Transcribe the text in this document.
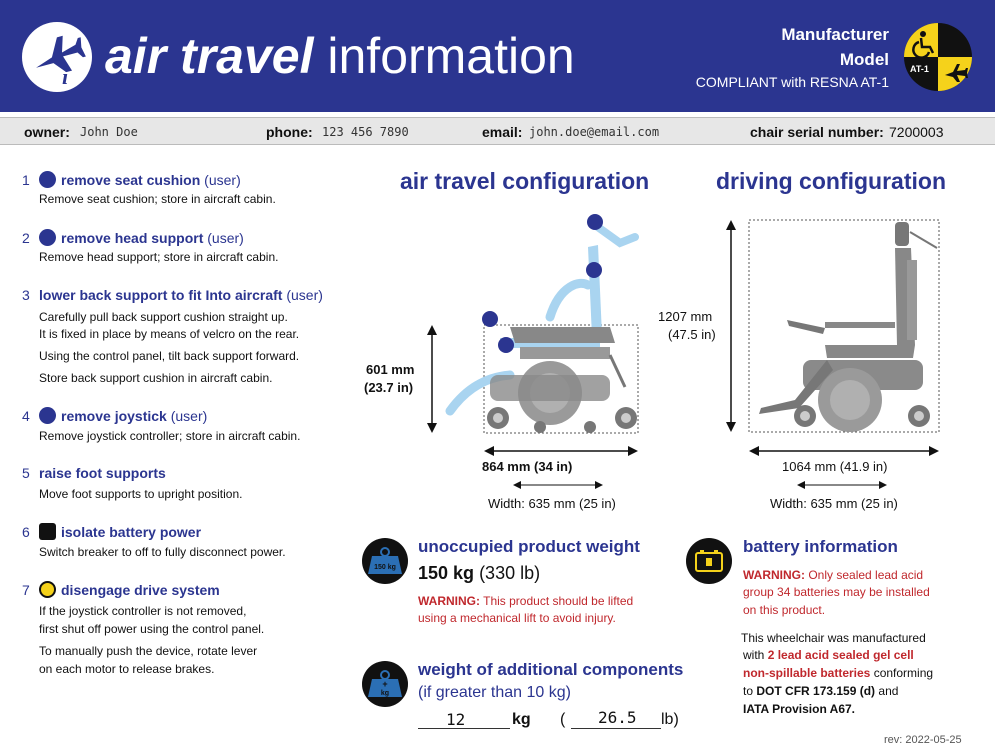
i air travel information	Manufacturer
Model
COMPLIANT with RESNA AT-1
AT-1
owner: John Doe	phone: 123 456 7890	email: john.doe@email.com	chair serial number: 7200003
1 remove seat cushion (user)
Remove seat cushion; store in aircraft cabin.
2 remove head support (user)
Remove head support; store in aircraft cabin.
3 lower back support to fit Into aircraft (user)
Carefully pull back support cushion straight up.
It is fixed in place by means of velcro on the rear.
Using the control panel, tilt back support forward.
Store back support cushion in aircraft cabin.
4 remove joystick (user)
Remove joystick controller; store in aircraft cabin.
5 raise foot supports
Move foot supports to upright position.
6 isolate battery power
Switch breaker to off to fully disconnect power.
7 disengage drive system
If the joystick controller is not removed,
first shut off power using the control panel.
To manually push the device, rotate lever
on each motor to release brakes.
air travel configuration	driving configuration
601 mm
(23.7 in)
864 mm (34 in)
Width: 635 mm (25 in)
1207 mm
(47.5 in)
1064 mm (41.9 in)
Width: 635 mm (25 in)
150 kg
unoccupied product weight
150 kg (330 lb)
WARNING: This product should be lifted
using a mechanical lift to avoid injury.
+
kg
weight of additional components
(if greater than 10 kg)
12	kg ( 26.5 lb)
battery information
WARNING: Only sealed lead acid
group 34 batteries may be installed
on this product.
This wheelchair was manufactured
with 2 lead acid sealed gel cell
non-spillable batteries conforming
to DOT CFR 173.159 (d) and
IATA Provision A67.
rev: 2022-05-25
